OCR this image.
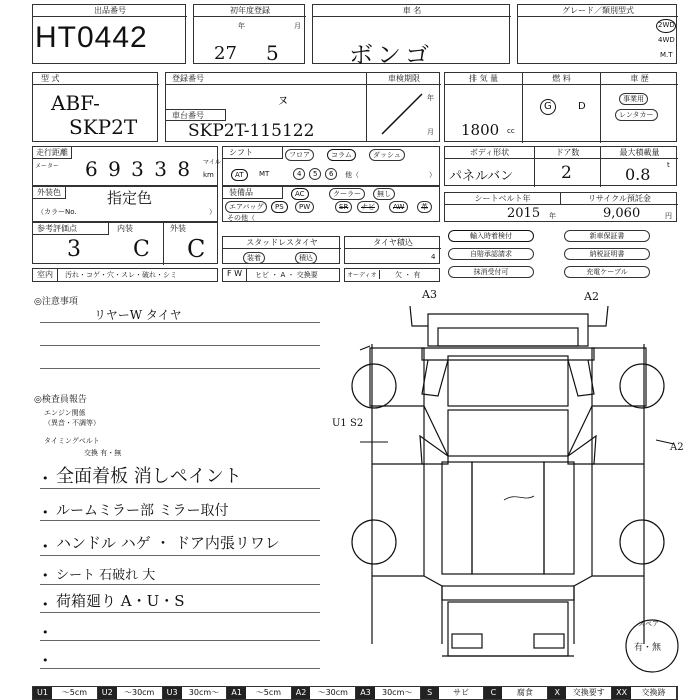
出品番号
HT0442
初年度登録
年	月
27 5
車 名
ボンゴ
グレード／類別型式
2WD
4WD
M.T
型 式
ABF-
SKP2T
登録番号
ㇴ
車台番号
SKP2T-115122
車検期限
年
月
排 気 量
1800 cc
燃 料
G	D
車 歴
事業用
レンタカー
走行距離
メーター 6 9 3 3 8 マイル
km
シフト	フロア	コラム	ダッシュ
AT	MT	4	5	6	他（	）
ボディ形状
パネルバン
ドア数
2
最大積載量
0.8 t
外装色	指定色
（カラーNo.	）
装備品	AC	クーラー	無し
エアバッグ	PS	PW	SR	ナビ	AW	革
その他（
シートベルト年
2015 年
リサイクル預託金
9,060	円
参考評価点	内装	外装
3 C C	スタッドレスタイヤ
装着	積込
タイヤ積込
4
輸入時着検付	新車保証書
自賠承認請求	納税証明書
抹消受付可	充電ケーブル
室内	汚れ・コゲ・穴・スレ・破れ・シミ	F W	ヒビ ・ A ・ 交換要	オーディオ	欠 ・ 有
◎注意事項
リヤーW タイヤ
◎検査員報告
エンジン関係
（異音・不調等）
タイミングベルト
交換 有・無
• 全面着板 消しペイント
• ルームミラー部 ミラー取付
• ハンドル ハゲ ・ ドア内張リワレ
• シート 石破れ 大
• 荷箱廻り A・U・S
•
•
A3	A2
U1 S2
A2
スペア
有・無
U1	〜5cm	U2	〜30cm	U3	30cm〜	A1	〜5cm	A2	〜30cm	A3	30cm〜	S	サビ	C	腐食	X	交換要す	XX	交換跡
